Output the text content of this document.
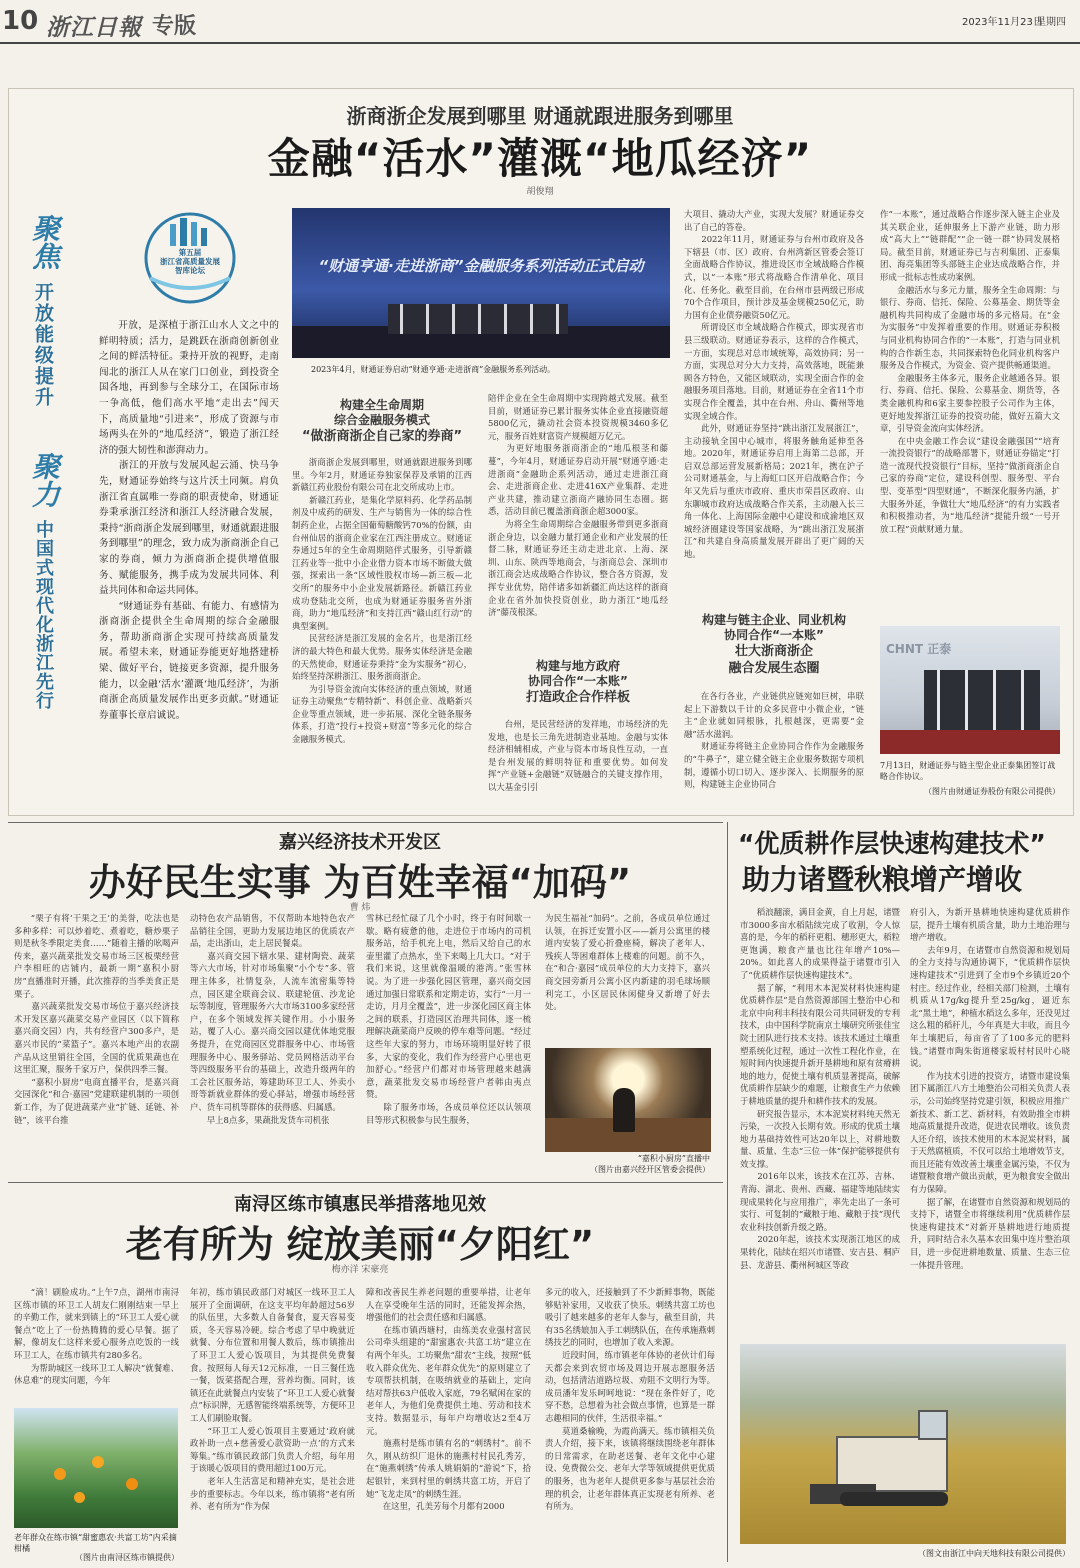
10 浙江日報 专版	2023年11月23日
星期四
浙商浙企发展到哪里 财通就跟进服务到哪里
金融“活水”灌溉“地瓜经济”
胡俊翔
聚焦
开放能级提升
聚力
中国式现代化浙江先行
第五届
浙江省高质量发展
智库论坛
开放，是深植于浙江山水人文之中的鲜明特质；活力，是跳跃在浙商创新创业之间的鲜活特征。秉持开放的视野，走南闯北的浙江人从在家门口创业，到投资全国各地，再到参与全球分工，在国际市场一争高低，他们高水平地“走出去”闯天下，高质量地“引进来”，形成了资源与市场两头在外的“地瓜经济”，锻造了浙江经济的强大韧性和澎湃动力。
　　浙江的开放与发展风起云涌、快马争先，财通证券始终与这片沃土同频。肩负浙江省直属唯一券商的职责使命，财通证券秉承浙江经济和浙江人经济融合发展，秉持“浙商浙企发展到哪里，财通就跟进服务到哪里”的理念，致力成为浙商浙企自己家的券商，倾力为浙商浙企提供增值服务、赋能服务，携手成为发展共同体、利益共同体和命运共同体。
　　“财通证券有基础、有能力、有感情为浙商浙企提供全生命周期的综合金融服务，帮助浙商浙企实现可持续高质量发展。希望未来，财通证券能更好地搭建桥梁、做好平台，链接更多资源，提升服务能力，以金融‘活水’灌溉‘地瓜经济’，为浙商浙企高质量发展作出更多贡献。”财通证券董事长章启诚说。
“财通亨通·走进浙商”金融服务系列活动正式启动
2023年4月，财通证券启动“财通亨通·走进浙商”金融服务系列活动。
构建全生命周期
综合金融服务模式
“做浙商浙企自己家的券商”
浙商浙企发展到哪里，财通就跟进服务到哪里。今年2月，财通证券独家保荐及承销的江西新赣江药业股份有限公司在北交所成功上市。
　　新赣江药业，是集化学原料药、化学药品制剂及中成药的研发、生产与销售为一体的综合性制药企业，占据全国葡萄糖酸钙70%的份额，由台州仙居的浙商企业家在江西注册成立。财通证券通过5年的全生命周期陪伴式服务，引导新赣江药业等一批中小企业借力资本市场不断做大做强，探索出一条“区域性股权市场—新三板—北交所”的服务中小企业发展新路径。新赣江药业成功登陆北交所，也成为财通证券服务省外浙商，助力“地瓜经济”和支持江西“赣山红行动”的典型案例。
　　民营经济是浙江发展的金名片，也是浙江经济的最大特色和最大优势。服务实体经济是金融的天然使命，财通证券秉持“金为实服务”初心，始终坚持深耕浙江、服务浙商浙企。
　　为引导资金流向实体经济的重点领域，财通证券主动聚焦“专精特新”、科创企业、战略新兴企业等重点领域，进一步拓展、深化全链条服务体系，打造“投行+投资+财富”等多元化的综合金融服务模式。
陪伴企业在全生命周期中实现跨越式发展。截至目前，财通证券已累计服务实体企业直接融资超5800亿元，撬动社会资本投资规模3460多亿元，服务百姓财富资产规模超万亿元。
　　为更好地服务浙商浙企的“地瓜根茎和藤蔓”，今年4月，财通证券启动开展“财通亨通·走进浙商”金融助企系列活动，通过走进浙江商会、走进浙商企业、走进416X产业集群、走进产业共建，推动建立浙商产融协同生态圈。据悉，活动目前已覆盖浙商浙企超3000家。
　　为将全生命周期综合金融服务带到更多浙商浙企身边，以金融力量打通企业和产业发展的任督二脉，财通证券还主动走进北京、上海、深圳、山东、陕西等地商会，与浙商总会、深圳市浙江商会达成战略合作协议，整合各方资源，发挥专业优势，陪伴诸多如新疆汇尚达这样的浙商企业在省外加快投资创业，助力浙江“地瓜经济”藤茂根深。
构建与地方政府
协同合作“一本账”
打造政企合作样板
台州，是民营经济的发祥地，市场经济的先发地，也是长三角先进制造业基地。金融与实体经济相辅相成，产业与资本市场良性互动，一直是台州发展的鲜明特征和重要优势。如何发挥“产业链+金融链”双链融合的关键支撑作用，以大基金引引
大项目、撬动大产业，实现大发展？财通证券交出了自己的答卷。
　　2022年11月，财通证券与台州市政府及各下辖县（市、区）政府、台州湾新区管委会签订全面战略合作协议，推进设区市全域战略合作模式，以“一本账”形式将战略合作清单化、项目化、任务化。截至目前，在台州市县两级已形成70个合作项目，预计涉及基金规模250亿元，助力国有企业债券融资50亿元。
　　所谓设区市全域战略合作模式，即实现省市县三级联动。财通证券表示，这样的合作模式，一方面，实现总对总市域统筹，高效协同；另一方面，实现总对分大力支持，高效落地，既能兼顾各方特色，又能区域联动，实现全面合作的金融服务项目落地。目前，财通证券在全省11个市实现合作全覆盖，其中在台州、舟山、衢州等地实现全域合作。
　　此外，财通证券坚持“跳出浙江发展浙江”，主动接轨全国中心城市，将服务触角延伸至各地。2020年，财通证券启用上海第二总部，开启双总部运营发展新格局；2021年，携在沪子公司财通基金，与上海虹口区开启战略合作；今年又先后与重庆市政府、重庆市荣昌区政府、山东聊城市政府达成战略合作关系，主动融入长三角一体化、上海国际金融中心建设和成渝地区双城经济圈建设等国家战略，为“跳出浙江发展浙江”和共建自身高质量发展开辟出了更广阔的天地。
构建与链主企业、同业机构
协同合作“一本账”
壮大浙商浙企
融合发展生态圈
在各行各业，产业链供应链宛如巨树，串联起上下游数以千计的众多民营中小微企业，“链主”企业就如同根脉，扎根越深，更需要“金融”活水滋润。
　　财通证券将链主企业协同合作作为金融服务的“牛鼻子”，建立健全链主企业服务数据专项机制，遵循小切口切入、逐步深入、长期服务的原则，构建链主企业协同合
作“一本账”，通过战略合作逐步深入链主企业及其关联企业，延伸服务上下游产业链，助力形成“高大上”“链群配”“企一链一群”协同发展格局。截至目前，财通证券已与吉利集团、正泰集团、海亮集团等头部链主企业达成战略合作，并形成一批标志性成功案例。
　　金融活水与多元力量，服务全生命周期：与银行、券商、信托、保险、公募基金、期货等金融机构共同构成了金融市场的多元格局。在“金为实服务”中发挥着重要的作用。财通证券积极与同业机构协同合作的“一本账”，打造与同业机构的合作新生态，共同探索特色化同业机构客户服务及合作模式，为资金、资产提供畅通渠道。
　　金融服务主体多元，服务企业越通各异。银行、券商、信托、保险、公募基金、期货等，各类金融机构和6家主要参控股子公司作为主体，更好地发挥浙江证券的投资功能，做好五篇大文章，引导资金流向实体经济。
　　在中央金融工作会议“建设金融强国”“培育一流投资银行”的战略部署下，财通证券锚定“打造一流现代投资银行”目标，坚持“做浙商浙企自己家的券商”定位，建设科创型、服务型、平台型、变革型“四型财通”，不断深化服务内涵，扩大服务外延，争做壮大“地瓜经济”的有力实践者和积极推动者，为“地瓜经济”提能升级“一号开放工程”贡献财通力量。
CHNT 正泰
7月13日，财通证券与链主型企业正泰集团签订战略合作协议。
（图片由财通证券股份有限公司提供）
嘉兴经济技术开发区
办好民生实事 为百姓幸福“加码”
曹 炜
“栗子有将‘干果之王’的美誉，吃法也是多种多样：可以炒着吃、煮着吃，糖炒栗子则是秋冬季限定美食……”随着主播的吆喝声传来，嘉兴蔬菜批发交易市场三区板栗经营户李相旺的店铺内，最新一期“嘉积小厨房”直播准时开播，此次推荐的当季美食正是栗子。
　　嘉兴蔬菜批发交易市场位于嘉兴经济技术开发区嘉兴蔬菜交易产业园区（以下简称嘉兴商交园）内，共有经营户300多户，是嘉兴市民的“菜篮子”。嘉兴本地产出的农副产品从这里销往全国，全国的优质果蔬也在这里汇聚，服务千家万户，保供四季三餐。
　　“嘉积小厨房”电商直播平台，是嘉兴商交园深化“和合·嘉园”党建联建机制的一项创新工作，为了促进蔬菜产业“扩链、延链、补链”，该平台推
动特色农产品销售，不仅帮助本地特色农产品销往全国，更助力发展边地区的优质农产品，走出浙山，走上居民餐桌。
　　嘉兴商交园下辖水果、建材陶瓷、蔬菜等六大市场，针对市场集聚“小个专”多、管理主体多，社情复杂，人流车流密集等特点，园区建全联商会议、联建轮值、沙龙论坛等制度，管理服务六大市场3100多家经营户，在多个领域发挥关键作用。小小服务站，覆了人心。嘉兴商交园以建优体地党服务提升，在党商园区党群服务中心、市场管理服务中心、服务驿站、党员网格活动平台等四级服务平台的基础上，改造升级两年的工会社区服务站，筹建助环卫工人、外卖小哥等新就业群体的爱心驿站，增强市场经营户、货车司机等群体的获得感、归属感。
　　早上8点多，果蔬批发货车司机张
雪林已经忙碌了几个小时，终于有时间歇一歇。略有疲惫的他，走进位于市场内的司机服务站，给手机充上电，然后又给自己的水壶里灌了点热水，坐下来喝上几大口。“对于我们来说，这里就像温暖的港湾。”张雪林说。为了进一步强化园区管理，嘉兴商交园通过加强日常联系和定期走访，实行“一月一走访，月月全覆盖”，进一步深化园区商主体之间的联系，打造园区治理共同体，逐一梳理解决蔬菜商户反映的停车难等问题。“经过这些年大家的努力，市场环境明显好转了很多，大家的变化，我们作为经营户心里也更加舒心。”经营户们都对市场管理越来越满意，蔬菜批发交易市场经营户者韩由夷点赞。
　　除了服务市场，各成员单位还以认领项目等形式积极参与民生服务，
为民生福祉“加码”。之前，各成员单位通过认领，在拆迁安置小区——新月公寓里的楼道内安装了爱心折叠座椅，解决了老年人、残疾人等困难群体上楼难的问题。前不久，在“和合·嘉园”成员单位的大力支持下，嘉兴商交园旁新月公寓小区内新建的羽毛球场顺利完工，小区居民休闲健身又新增了好去处。
“嘉积小厨房”直播中
（图片由嘉兴经开区管委会提供）
南浔区练市镇惠民举措落地见效
老有所为 绽放美丽“夕阳红”
梅亦洋 宋豪亮
“滴！刷脸成功。”上午7点，湖州市南浔区练市镇的环卫工人胡友仁刚刚结束一早上的辛勤工作，就来到镇上的“环卫工人爱心就餐点”吃上了一份热腾腾的爱心早餐。据了解，像胡友仁这样来爱心服务点吃饭的一线环卫工人，在练市镇共有280多名。
　　为帮助城区一线环卫工人解决“就餐难、休息难”的现实问题，今年
老年群众在练市镇“甜蜜惠农·共富工坊”内采摘柑橘
（图片由南浔区练市镇提供）
年初，练市镇民政部门对城区一线环卫工人展开了全面调研，在这支平均年龄超过56岁的队伍里，大多数人自备餐食，夏天容易变质，冬天容易冷硬。综合考虑了早中晚就近就餐、分布位置和用餐人数后，练市镇推出了环卫工人爱心饭项目，为其提供免费餐食。按照每人每天12元标准，一日三餐任选一餐，饭菜搭配合理，营养均衡。同时，该镇还在此就餐点内安装了“环卫工人爱心就餐点”标识牌，无感智能终端系统等，方便环卫工人们刷脸取餐。
　　“环卫工人爱心饭项目主要通过‘政府就政补助一点+慈善爱心款资助一点’的方式来筹集。”练市镇民政部门负责人介绍，每年用于该暖心饭项目的费用超过100万元。
　　老年人生活富足和精神充实，是社会进步的重要标志。今年以来，练市镇将“老有所养、老有所为”作为保
障和改善民生养老问题的重要举措，让老年人在享受晚年生活的同时，还能发挥余热，增强他们的社会责任感和归属感。
　　在练市镇西塘村，由练美农业强村富民公司牵头组建的“甜蜜惠农·共富工坊”建立在有两个年头。工坊聚焦“甜农”主线，按照“低收入群众优先、老年群众优先”的原则建立了专项帮扶机制，在吸纳就业的基础上，定向结对帮扶63户低收入家庭，79名赋闲在家的老年人，为他们免费提供土地、劳动和技术支持。数据显示，每年户均增收达2至4万元。
　　施燕村是练市镇有名的“刺绣村”。前不久，刚从纺织厂退休的施燕村村民孔秀芳，在“施燕刺绣”传承人姚娟娟的“游说”下，拾起银针，来到村里的刺绣共富工坊，开启了她“飞龙走凤”的刺绣生涯。
　　在这里，孔美芳每个月都有2000
多元的收入，还接触到了不少新鲜事物，既能够贴补家用，又收获了快乐。刺绣共富工坊也吸引了越来越多的老年人参与，截至目前，共有35名绣娘加入手工刺绣队伍，在传承施燕刺绣技艺的同时，也增加了收入来源。
　　近段时间，练市镇老年体协的老伙计们每天都会来到农贸市场及周边开展志愿服务活动，包括清洁道路垃圾、劝阻不文明行为等。成员潘年发乐呵呵地说：“现在条件好了，吃穿不愁，总想着为社会做点事情，也算是一群志趣相同的伙伴，生活很幸福。”
　　莫道桑榆晚，为霞尚满天。练市镇相关负责人介绍，接下来，该镇将继续围绕老年群体的日常需求，在助老送餐、老年文化中心建设、免费微公交、老年大学等领域提供更优质的服务，也为老年人提供更多参与基层社会治理的机会，让老年群体真正实现老有所养、老有所为。
“优质耕作层快速构建技术”
助力诸暨秋粮增产增收
稻浪翻滚，满目金黄，自上月起，诸暨市3000多亩水稻陆续完成了收割，令人惊喜的是，今年的稻秆更粗、穗形更大，稻粒更饱满，粮食产量也比往年增产10%—20%。如此喜人的成果得益于诸暨市引入了“优质耕作层快速构建技术”。
　　据了解，“利用木本泥炭材料快速构建优质耕作层”是自然资源部国土整治中心和北京中向利丰科技有限公司共同研发的专利技术，由中国科学院南京土壤研究所张佳宝院士团队进行技术支持。该技术通过土壤重塑系统化过程，通过一次性工程化作业，在短时间内快速提升新开垦耕地和原有贫瘠耕地的地力，促使土壤有机质显著提高，破解优质耕作层缺少的难题，让粮食生产力依赖于耕地质量的提升和耕作技术的发展。
　　研究报告显示，木本泥炭材料纯天然无污染，一次投入长期有效。形成的优质土壤地力基础持效性可达20年以上，对耕地数量、质量、生态“三位一体”保护能够提供有效支撑。
　　2016年以来，该技术在江苏、吉林、青海、湖北、贵州、西藏、福建等地陆续实现成果转化与应用推广，率先走出了一条可实行、可复制的“藏粮于地、藏粮于技”现代农业科技创新升级之路。
　　2020年起，该技术实现浙江地区的成果转化，陆续在绍兴市诸暨、安吉县、桐庐县、龙游县、衢州柯城区等政
府引入，为新开垦耕地快速构建优质耕作层，提升土壤有机质含量，助力土地治理与增产增收。
　　去年9月，在诸暨市自然资源和规划局的全力支持与沟通协调下，“优质耕作层快速构建技术”引进到了全市9个乡镇近20个村庄。经过作业，经相关部门检测，土壤有机质从17g/kg提升至25g/kg，逼近东北“黑土地”，种植水稻这么多年，还没见过这么粗的稻秆儿，今年真是大丰收，而且今年土壤肥后，每亩省了了100多元的肥料钱。”诸暨市陶朱街道楼家坂村村民叶心晓说。
　　作为技术引进的投资方，诸暨市建设集团下属浙江八方土地整治公司相关负责人表示，公司始终坚持党建引领，积极应用推广新技术、新工艺、新材料，有效助推全市耕地高质量提升改造，促进农民增收。该负责人还介绍，该技术使用的木本泥炭材料，属于天然腐植质，不仅可以给土地增效节支，而且还能有效改善土壤重金属污染，不仅为诸暨粮食增产做出贡献，更为粮食安全做出有力保障。
　　据了解，在诸暨市自然资源和规划局的支持下，诸暨全市将继续利用“优质耕作层快速构建技术”对新开垦耕地进行地质提升，同时结合永久基本农田集中连片整治项目，进一步促进耕地数量、质量、生态三位一体提升管理。
（图文由浙江中向天地科技有限公司提供）
